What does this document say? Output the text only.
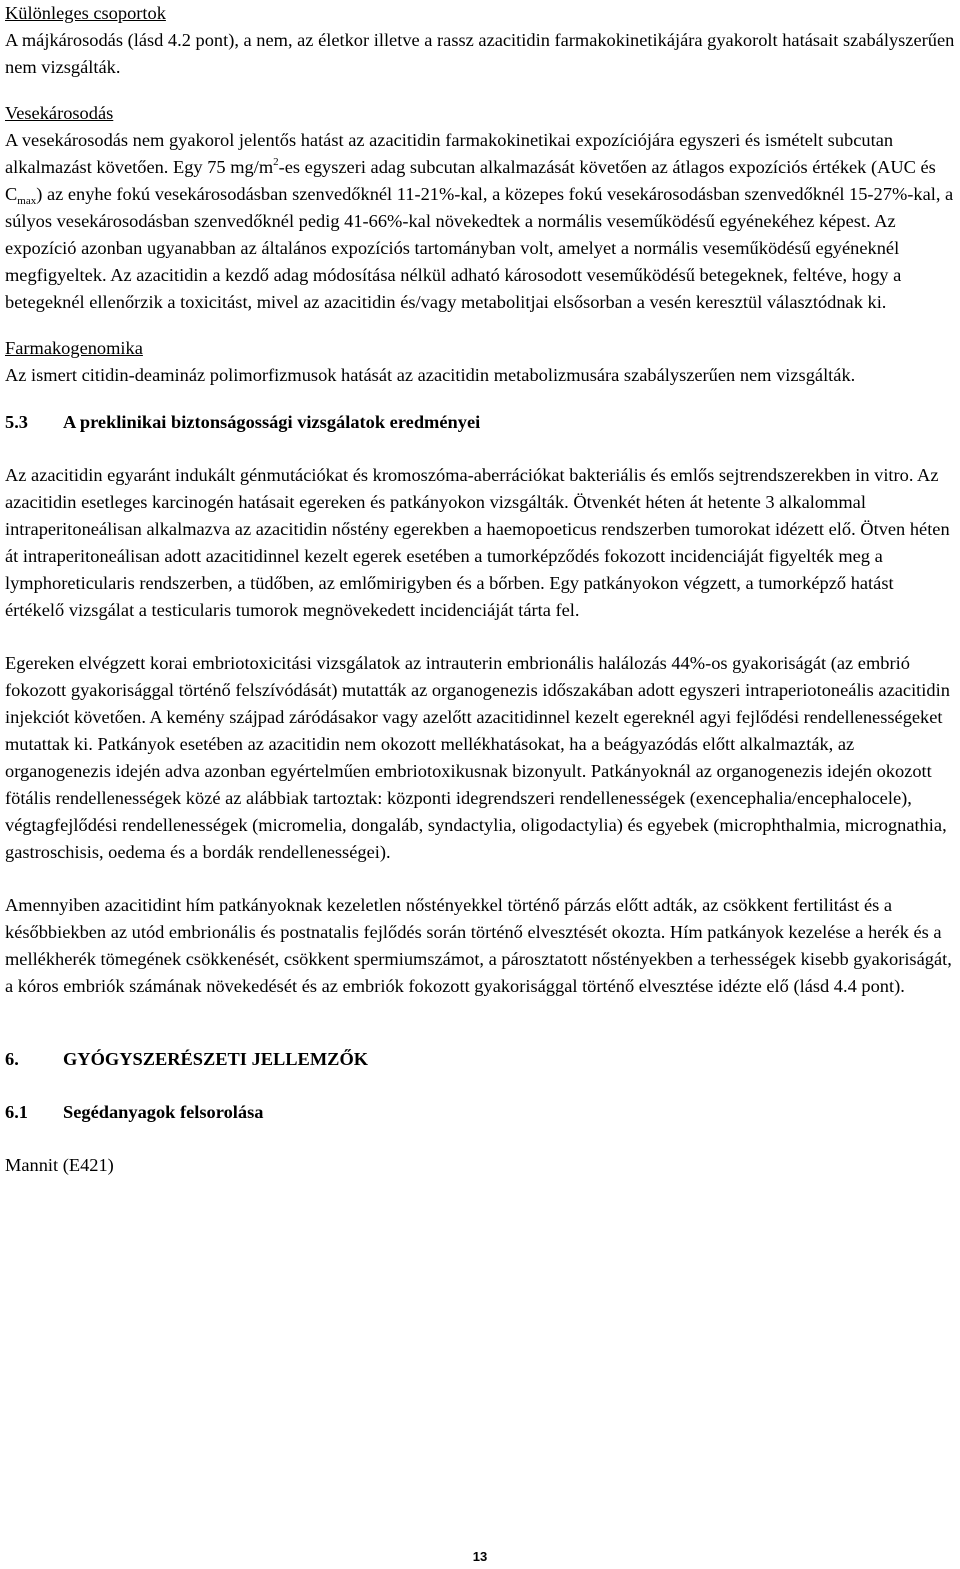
Különleges csoportok

A májkárosodás (lásd 4.2 pont), a nem, az életkor illetve a rassz azacitidin farmakokinetikájára gyakorolt hatásait szabályszerűen nem vizsgálták.

Vesekárosodás

A vesekárosodás nem gyakorol jelentős hatást az azacitidin farmakokinetikai expozíciójára egyszeri és ismételt subcutan alkalmazást követően. Egy 75 $mg/m^2-es$ egyszeri adag subcutan alkalmazását követően az átlagos expozíciós értékek (AUC és $C_{max}$) az enyhe fokú vesekárosodásban szenvedőknél 11-21%-kal, a közepes fokú vesekárosodásban szenvedőknél 15-27%-kal, a súlyos vesekárosodásban szenvedőknél pedig 41-66%-kal növekedtek a normális veseműködésű egyénekéhez képest. Az expozíció azonban ugyanabban az általános expozíciós tartományban volt, amelyet a normális veseműködésű egyéneknél megfigyeltek. Az azacitidin a kezdő adag módosítása nélkül adható károsodott veseműködésű betegeknek, feltéve, hogy a betegeknél ellenőrzik a toxicitást, mivel az azacitidin és/vagy metabolitjai elsősorban a vesén keresztül választódnak ki.

Farmakogenomika

Az ismert citidin-deamináz polimorfizmusok hatását az azacitidin metabolizmusára szabályszerűen nem vizsgálták.

5.3	A preklinikai biztonságossági vizsgálatok eredményei

Az azacitidin egyaránt indukált génmutációkat és kromoszóma-aberrációkat bakteriális és emlős sejtrendszerekben in vitro. Az azacitidin esetleges karcinogén hatásait egereken és patkányokon vizsgálták. Ötvenkét héten át hetente 3 alkalommal intraperitoneálisan alkalmazva az azacitidin nőstény egerekben a haemopoeticus rendszerben tumorokat idézett elő. Ötven héten át intraperitoneálisan adott azacitidinnel kezelt egerek esetében a tumorképződés fokozott incidenciáját figyelték meg a lymphoreticularis rendszerben, a tüdőben, az emlőmirigyben és a bőrben. Egy patkányokon végzett, a tumorképző hatást értékelő vizsgálat a testicularis tumorok megnövekedett incidenciáját tárta fel.

Egereken elvégzett korai embriotoxicitási vizsgálatok az intrauterin embrionális halálozás 44%-os gyakoriságát (az embrió fokozott gyakorisággal történő felszívódását) mutatták az organogenezis időszakában adott egyszeri intraperiotoneális azacitidin injekciót követően. A kemény szájpad záródásakor vagy azelőtt azacitidinnel kezelt egereknél agyi fejlődési rendellenességeket mutattak ki. Patkányok esetében az azacitidin nem okozott mellékhatásokat, ha a beágyazódás előtt alkalmazták, az organogenezis idején adva azonban egyértelműen embriotoxikusnak bizonyult. Patkányoknál az organogenezis idején okozott fötális rendellenességek közé az alábbiak tartoztak: központi idegrendszeri rendellenességek (exencephalia/encephalocele), végtagfejlődési rendellenességek (micromelia, dongaláb, syndactylia, oligodactylia) és egyebek (microphthalmia, micrognathia, gastroschisis, oedema és a bordák rendellenességei).

Amennyiben azacitidint hím patkányoknak kezeletlen nőstényekkel történő párzás előtt adták, az csökkent fertilitást és a későbbiekben az utód embrionális és postnatalis fejlődés során történő elvesztését okozta. Hím patkányok kezelése a herék és a mellékherék tömegének csökkenését, csökkent spermiumszámot, a párosztatott nőstényekben a terhességek kisebb gyakoriságát, a kóros embriók számának növekedését és az embriók fokozott gyakorisággal történő elvesztése idézte elő (lásd 4.4 pont).

6.	GYÓGYSZERÉSZETI JELLEMZŐK
6.1	Segédanyagok felsorolása

Mannit (E421)

13
